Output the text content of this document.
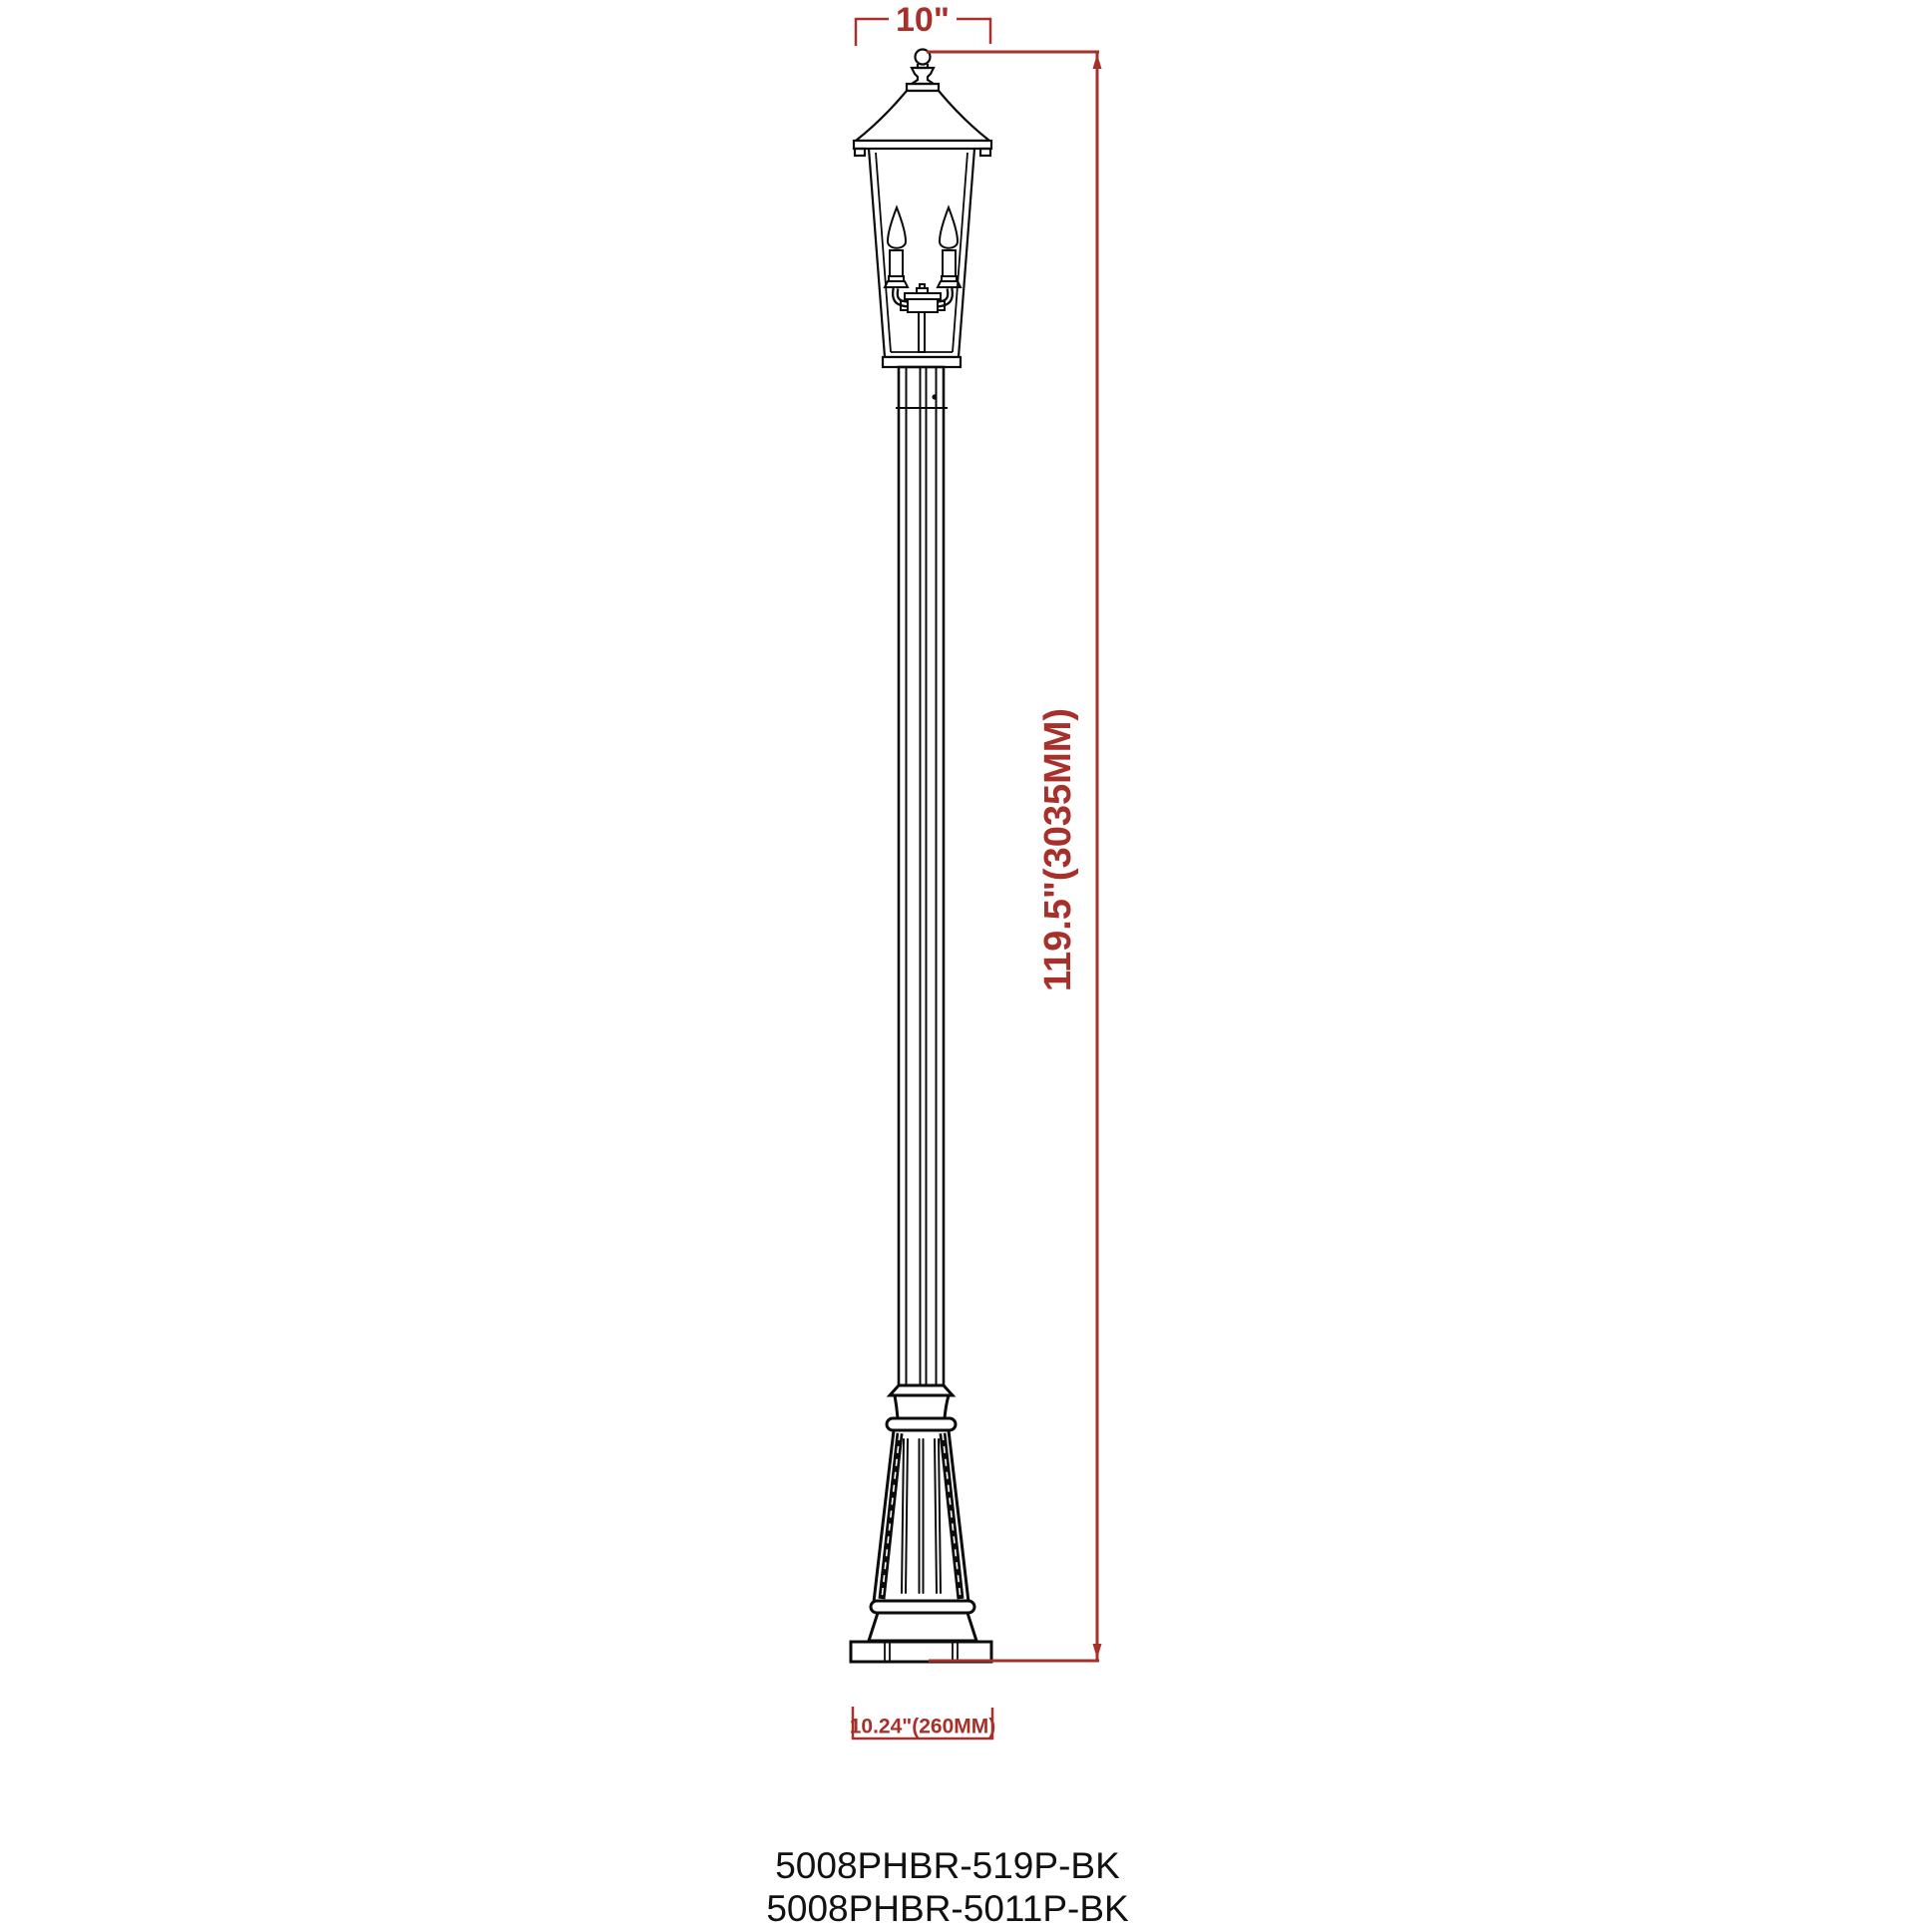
10"
119.5"(3035MM)
10.24"(260MM)
5008PHBR-519P-BK
5008PHBR-5011P-BK
